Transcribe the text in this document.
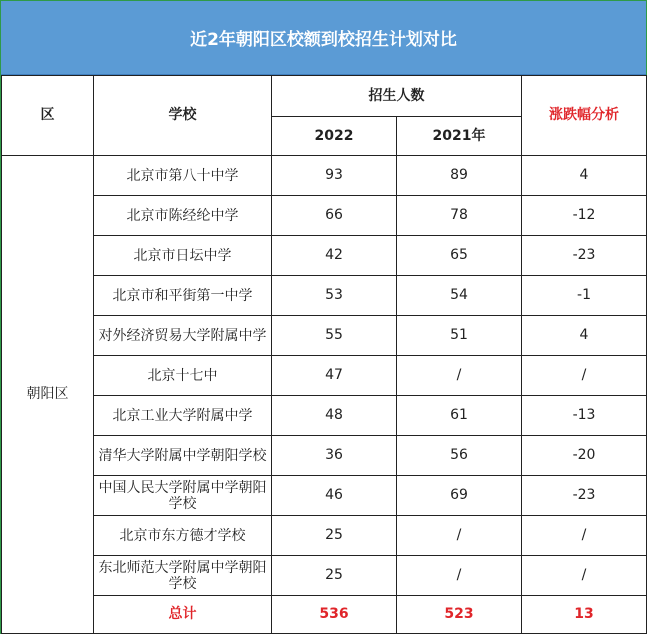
近2年朝阳区校额到校招生计划对比
区	学校	招生人数		涨跌幅分析
		2022	2021年	
朝阳区	北京市第八十中学	93	89	4
	北京市陈经纶中学	66	78	-12
	北京市日坛中学	42	65	-23
	北京市和平街第一中学	53	54	-1
	对外经济贸易大学附属中学	55	51	4
	北京十七中	47	/	/
	北京工业大学附属中学	48	61	-13
	清华大学附属中学朝阳学校	36	56	-20
	中国人民大学附属中学朝阳学校	46	69	-23
	北京市东方德才学校	25	/	/
	东北师范大学附属中学朝阳学校	25	/	/
	总计	536	523	13
